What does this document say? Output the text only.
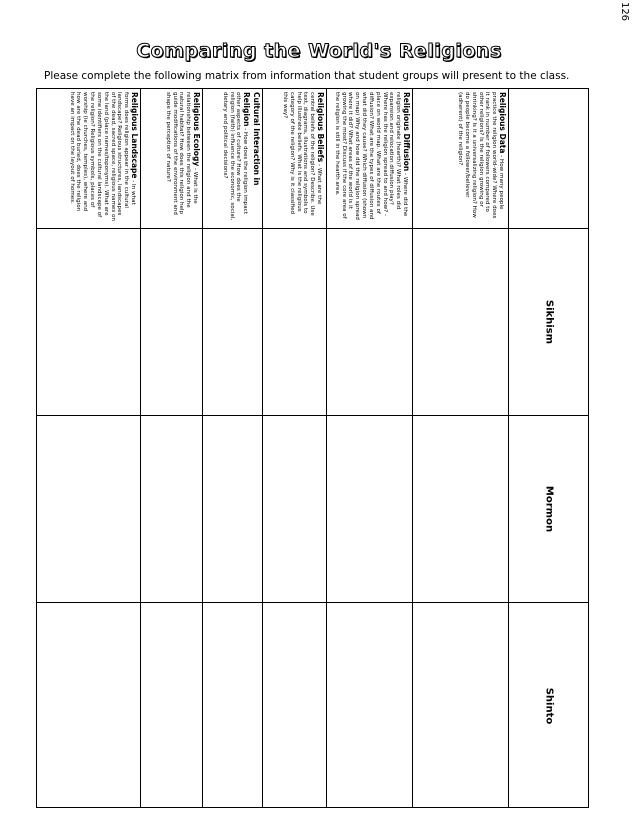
126
Comparing the World's Religions
Please complete the following matrix from information that student groups will present to the class.
Religious Landscape - In what forms does religion appear in the cultural landscape? Religious structures, landscapes of the dead, sacred space, religious names on the land (place names/toponyms). What are some identifiers on the cultural landscape of the religion? Religious symbols, places of worship (ie churches, temples), where and how are the dead buried, does the religion have an impact on the layout of homes.	Religious Ecology - What is the relationship between the religion and the natural habitat? How does this religion help guide modifications of the environment and shape the perception of nature?	Cultural Interaction in Religion - How does the religion impact other aspects of culture? How does the religion (faith) influence the economic, social, dietary and political decisions?	Religious Beliefs - What are the central beliefs of the religion? Describe. Use text, diagrams, illustrations and symbols to help illustrate beliefs. What is the religious category of the religion? Why is it classified this way?	Religious Diffusion - Where did the religion originate (hearth)? What roles did expansion and relocation diffusion play? Where has the religion spread to and how? - place on world map. What are the routes of diffusion? What are the types of diffusion and what did they cause? Which diffusion (shown on map) Why and how did the religion spread where it did? What areas of the world is it growing the most? Discuss if the core area of the religion is still in the hearth area.	Religious Data - How many people practice the religion world-wide? Where does it rank in number of followers compared to other religions? Is the religion growing or shrinking? Is it a universalizing religion? How do people become a follower/believer (adherent) of the religion?
Sikhism
Mormon
Shinto
